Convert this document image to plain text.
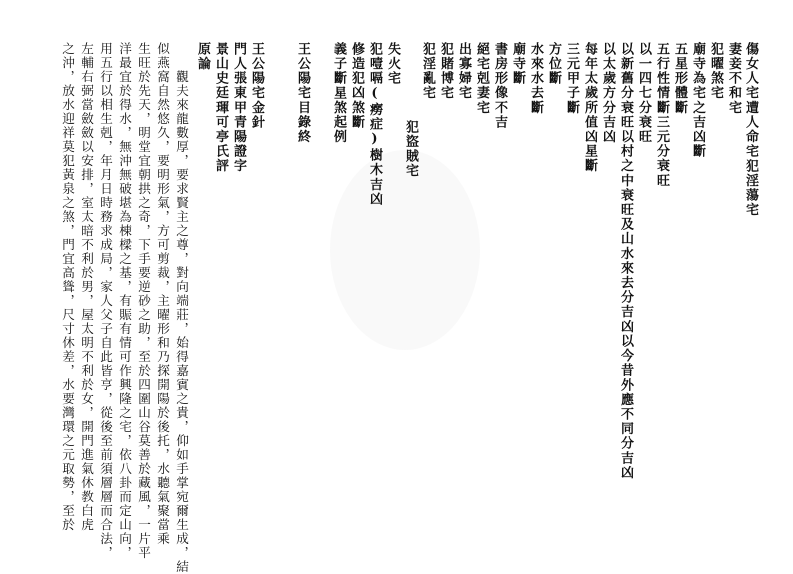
傷女人宅遭人命宅犯淫蕩宅
妻妾不和宅
犯曜煞宅
廟寺為宅之吉凶斷
五星形體斷
五行性情斷三元分衰旺
以一四七分衰旺
以新舊分衰旺以村之中衰旺及山水來去分吉凶以今昔外應不同分吉凶
以太歲方分吉凶
每年太歲所值凶星斷
三元甲子斷
方位斷
水來水去斷
廟寺斷
書房形像不吉
絕宅剋妻宅
出寡婦宅
犯賭博宅
犯盜賊宅
犯淫亂宅
失火宅
犯噎嗝(癆症)樹木吉凶
修造犯凶煞斷
義子斷星煞起例
王公陽宅目錄終
王公陽宅金針
門人張東甲青陽證字
景山史廷琿可亭氏評
原論
　觀夫來龍數厚，要求賢主之尊，對向端莊，始得嘉賓之貴，仰如手掌宛爾生成，結
似燕窩自然悠久，要明形氣，方可剪裁，主曜形和乃探開陽於後托，水聽氣聚當乘
生旺於先天，明堂宜朝拱之奇，下手要逆砂之助，至於四圍山谷莫善於藏風，一片平
洋最宜於得水，無沖無破堪為棟樑之基，有賑有情可作興隆之宅，依八卦而定山向，
用五行以相生剋，年月日時務求成局，家人父子自此皆亨，從後至前須層層而合法，
左輔右弼當斂斂以安排，室太暗不利於男，屋太明不利於女，開門進氣休教白虎
之沖，放水迎祥莫犯黃泉之煞，門宜高聳，尺寸休差，水要灣環之元取勢，至於
